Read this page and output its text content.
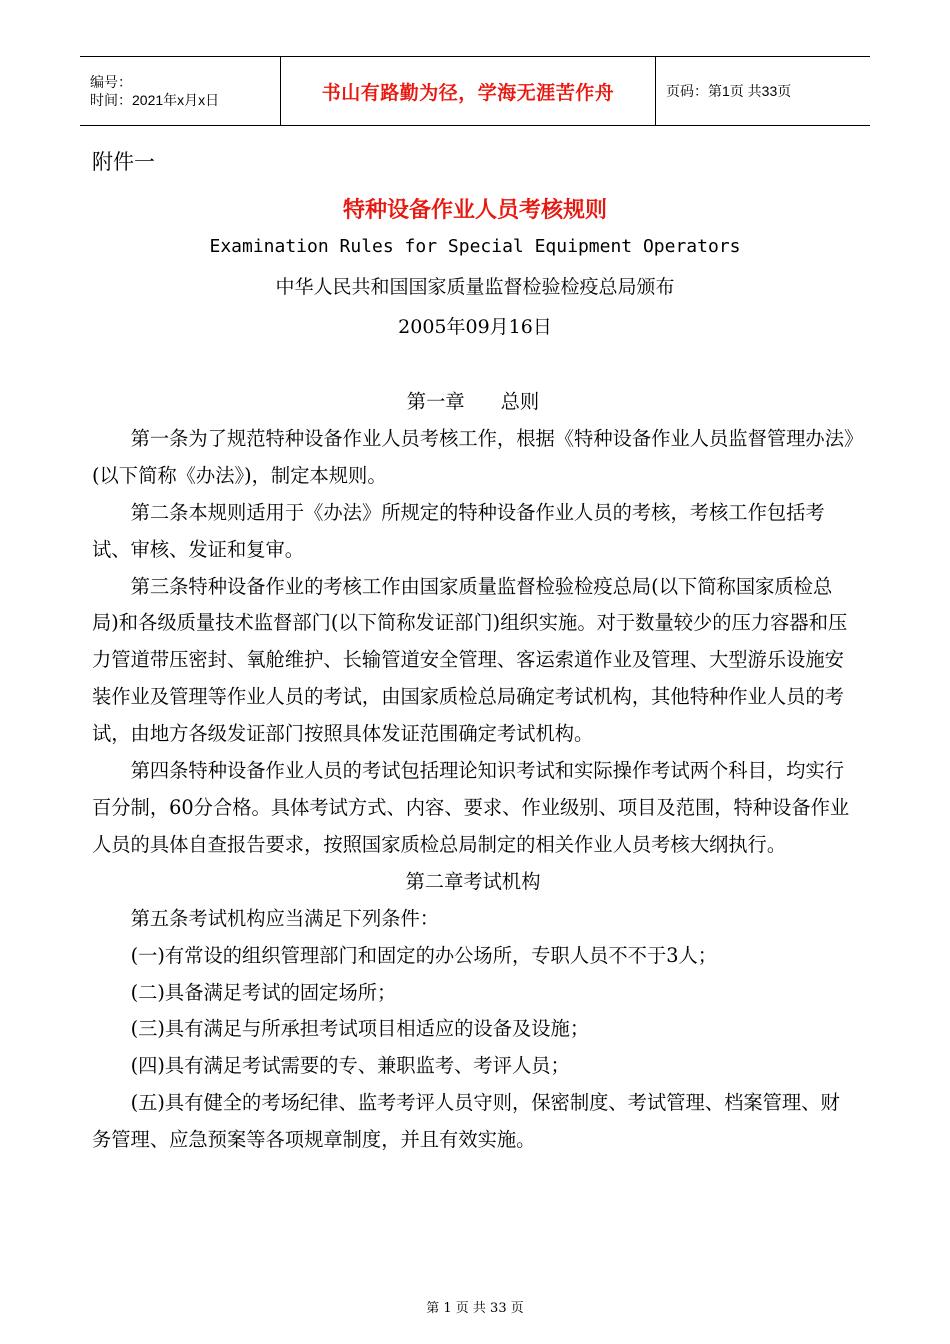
编号：
时间：2021年x月x日	书山有路勤为径，学海无涯苦作舟	页码：第1页 共33页
附件一
特种设备作业人员考核规则
Examination Rules for Special Equipment Operators
中华人民共和国国家质量监督检验检疫总局颁布
2005年09月16日

第一章 总则

第一条为了规范特种设备作业人员考核工作，根据《特种设备作业人员监督管理办法》(以下简称《办法》)，制定本规则。

第二条本规则适用于《办法》所规定的特种设备作业人员的考核，考核工作包括考试、审核、发证和复审。

第三条特种设备作业的考核工作由国家质量监督检验检疫总局(以下简称国家质检总局)和各级质量技术监督部门(以下简称发证部门)组织实施。对于数量较少的压力容器和压力管道带压密封、氧舱维护、长输管道安全管理、客运索道作业及管理、大型游乐设施安装作业及管理等作业人员的考试，由国家质检总局确定考试机构，其他特种作业人员的考试，由地方各级发证部门按照具体发证范围确定考试机构。

第四条特种设备作业人员的考试包括理论知识考试和实际操作考试两个科目，均实行百分制，60分合格。具体考试方式、内容、要求、作业级别、项目及范围，特种设备作业人员的具体自查报告要求，按照国家质检总局制定的相关作业人员考核大纲执行。

第二章考试机构

第五条考试机构应当满足下列条件：

(一)有常设的组织管理部门和固定的办公场所，专职人员不不于3人；

(二)具备满足考试的固定场所；

(三)具有满足与所承担考试项目相适应的设备及设施；

(四)具有满足考试需要的专、兼职监考、考评人员；

(五)具有健全的考场纪律、监考考评人员守则，保密制度、考试管理、档案管理、财务管理、应急预案等各项规章制度，并且有效实施。

第 1 页 共 33 页
